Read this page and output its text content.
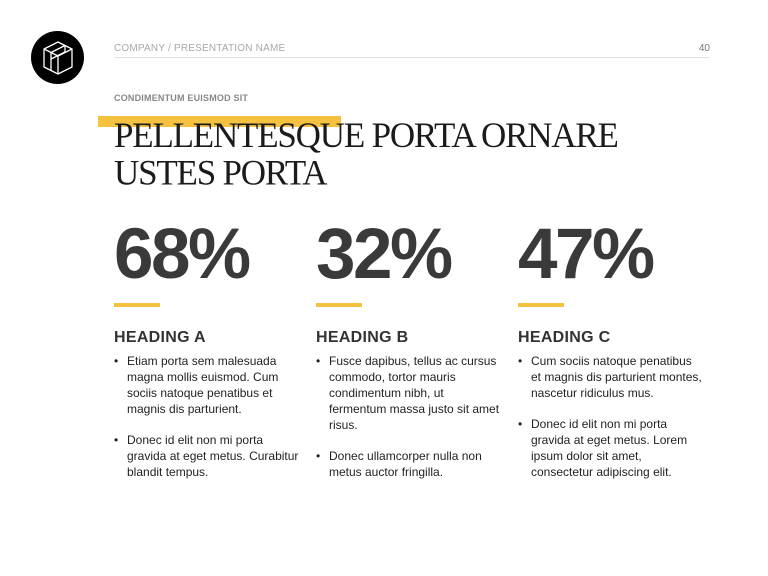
COMPANY / PRESENTATION NAME	40
CONDIMENTUM EUISMOD SIT
PELLENTESQUE PORTA ORNARE
USTES PORTA
68%
HEADING A
• Etiam porta sem malesuada magna mollis euismod. Cum sociis natoque penatibus et magnis dis parturient.
• Donec id elit non mi porta gravida at eget metus. Curabitur blandit tempus.
32%
HEADING B
• Fusce dapibus, tellus ac cursus commodo, tortor mauris condimentum nibh, ut fermentum massa justo sit amet risus.
• Donec ullamcorper nulla non metus auctor fringilla.
47%
HEADING C
• Cum sociis natoque penatibus et magnis dis parturient montes, nascetur ridiculus mus.
• Donec id elit non mi porta gravida at eget metus. Lorem ipsum dolor sit amet, consectetur adipiscing elit.
